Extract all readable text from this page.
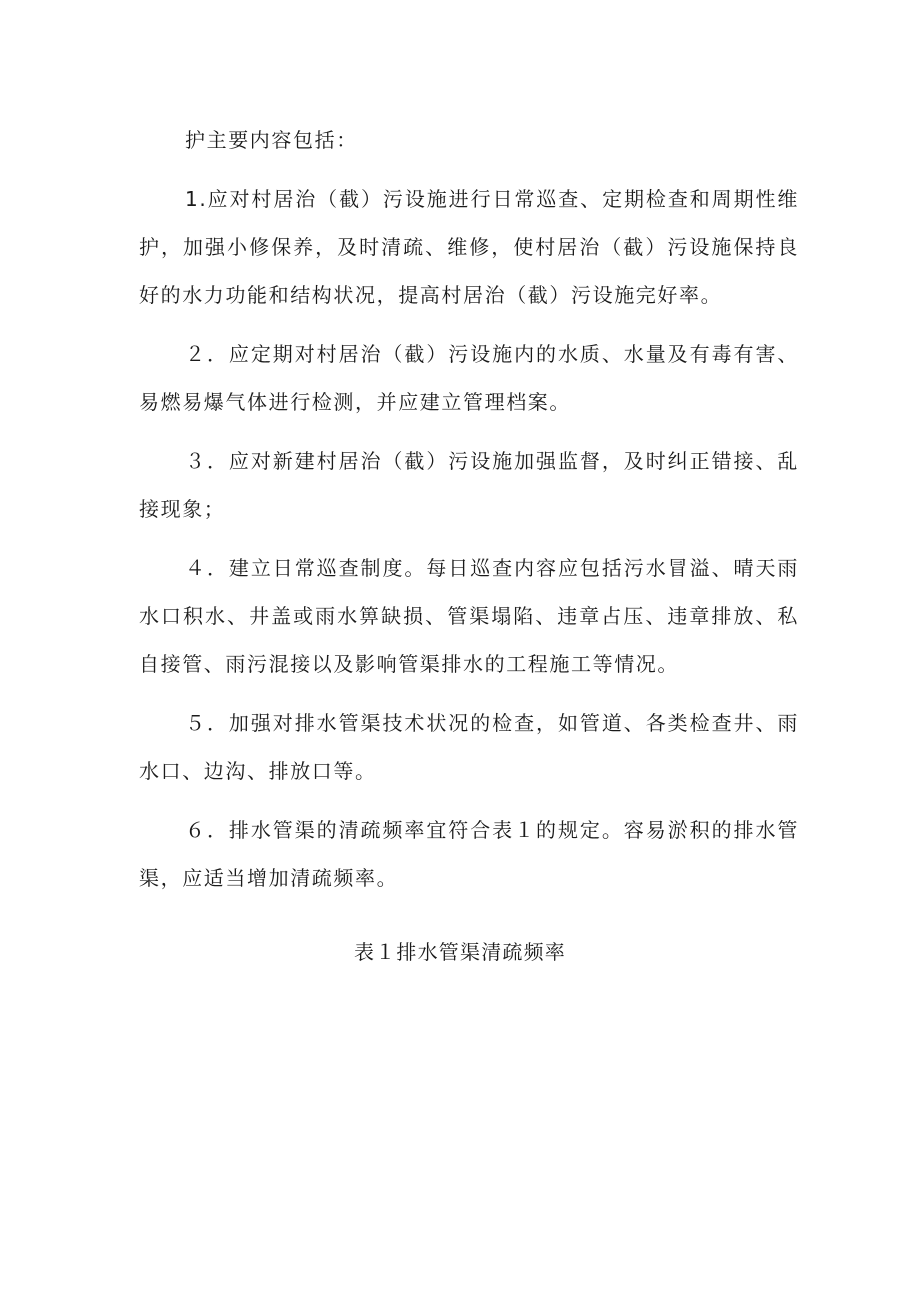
护主要内容包括：

1.应对村居治（截）污设施进行日常巡查、定期检查和周期性维护，加强小修保养，及时清疏、维修，使村居治（截）污设施保持良好的水力功能和结构状况，提高村居治（截）污设施完好率。

２．应定期对村居治（截）污设施内的水质、水量及有毒有害、易燃易爆气体进行检测，并应建立管理档案。

３．应对新建村居治（截）污设施加强监督，及时纠正错接、乱接现象；

４．建立日常巡查制度。每日巡查内容应包括污水冒溢、晴天雨水口积水、井盖或雨水箅缺损、管渠塌陷、违章占压、违章排放、私自接管、雨污混接以及影响管渠排水的工程施工等情况。

５．加强对排水管渠技术状况的检查，如管道、各类检查井、雨水口、边沟、排放口等。

６．排水管渠的清疏频率宜符合表１的规定。容易淤积的排水管渠，应适当增加清疏频率。

表１排水管渠清疏频率
